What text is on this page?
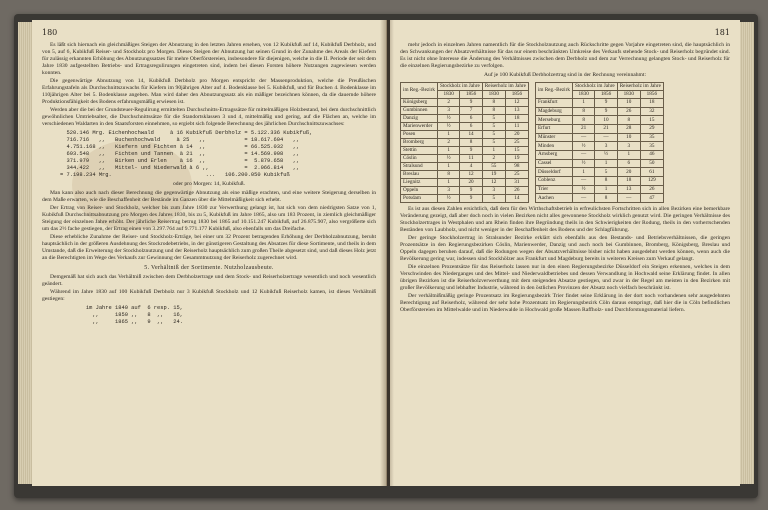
180

Es läßt sich hiernach ein gleichmäßiges Steigen der Abnutzung in den letzten Jahren ersehen, von 12 Kubikfuß auf 14, Kubikfuß Derbholz, und von 5, auf 6, Kubikfuß Reiser- und Stockholz pro Morgen. Dieses Steigen der Abnutzung hat seinen Grund in der Zunahme des Areals der Kiefern für zulässig erkannten Erhöhung des Abnutzungssatzes für mehre Oberförstereien, insbesondere für diejenigen, welche in die II. Periode der seit dem Jahre 1830 aufgestellten Betriebs- und Ertragsregulirungen eingetreten sind, indem bei diesen Forsten höhere Nutzungen zugewiesen werden konnten.

Die gegenwärtige Abnutzung von 14, Kubikfuß Derbholz pro Morgen entspricht der Massenproduktion, welche die Preußischen Erfahrungstafeln als Durchschnittszuwachs für Kiefern im 90jährigen Alter auf 4. Bodenklasse bei 5. Kubikfuß, und für Buchen 4. Bodenklasse im 110jährigen Alter bei 5. Bodenklasse angeben. Man wird daher den Abnutzungssatz als ein mäßiger bezeichnen können, da die dauernde höhere Produktionsfähigkeit des Bodens erfahrungsmäßig erwiesen ist.

Werden aber die bei der Grundsteuer-Regulirung ermittelten Durchschnitts-Ertragssätze für mittelmäßigen Holzbestand, bei dem durchschnittlich gewöhnlichen Umtriebsalter, die Durchschnittssätze für die Standortsklassen 3 und 4, mittelmäßig und gering, auf die Flächen an, welche im verschiedenen Waldarten in den Staatsforsten einnehmen, so ergiebt sich folgende Berechnung des jährlichen Durchschnittszuwachses:

520.146 Mrg. Eichenhochwald     à 16 Kubikfuß Derbholz = 5.122.336 Kubikfuß,
716.716   ,,   Buchenhochwald     à 25   ,,            = 18.617.604   ,,
4.751.168 ,,   Kiefern und Fichten à 14  ,,            = 66.525.032   ,,
693.548   ,,   Fichten und Tannen  à 21  ,,            = 14.569.908   ,,
371.979   ,,   Birken und Erlen    à 16  ,,            =  5.879.658   ,,
344.422   ,,   Mittel- und Niederwald à 6 ,,           =  2.066.814   ,,
= 7.198.234 Mrg.                             ...   106.200.050 Kubikfuß
oder pro Morgen: 14, Kubikfuß.

Man kann also auch nach dieser Berechnung die gegenwärtige Abnutzung als eine mäßige erachten, und eine weitere Steigerung derselben in dem Maße erwarten, wie die Beschaffenheit der Bestände im Ganzen über die Mittelmäßigkeit sich erhebt.

Der Ertrag von Reiser- und Stockholz, welcher bis zum Jahre 1830 zur Verwerthung gelangt ist, hat sich von dem niedrigsten Satze von 1, Kubikfuß Durchschnittsabnutzung pro Morgen des Jahres 1830, bis zu 5, Kubikfuß im Jahre 1865, also um 183 Prozent, in ziemlich gleichmäßiger Steigung der einzelnen Jahre erhöht. Der jährliche Reisertrag betrug 1830 bei 1865 auf 10.151.247 Kubikfuß, auf 26.875.907, also vergrößerte sich um das 2½ fache gestiegen, der Ertrag einen von 3.297.764 auf 9.771.177 Kubikfuß, also ebenfalls um das Dreifache.

Diese erhebliche Zunahme der Reiser- und Stockholz-Erträge, bei einer um 32 Prozent betragenden Erhöhung der Derbholzabnutzung, beruht hauptsächlich in der größeren Ausdehnung des Stockrodebetriebs, in der günstigeren Gestaltung des Absatzes für diese Sortimente, und theils in dem Umstande, daß die Erweiterung der Stockholznutzung und der Reiserholz hauptsächlich zum großen Theile abgesetzt sind, und daß dieses Holz jetzt an die Berechtigten im Wege des Verkaufs zur Gewinnung der Gesammtnutzung der Reiserholz zugerechnet wird.

5. Verhältniß der Sortimente. Nutzholzausbeute.

Demgemäß hat sich auch das Verhältniß zwischen dem Derbholzertrage und dem Stock- und Reiserholzertrage wesentlich und noch wesentlich geändert.

Während im Jahre 1830 auf 100 Kubikfuß Derbholz nur 3 Kubikfuß Stockholz und 12 Kubikfuß Reiserholz kamen, ist dieses Verhältniß gestiegen:

im Jahre 1840 auf  6 resp. 15,
,,     1850 ,,   8  ,,   16,
,,     1865 ,,   9  ,,   24.
181

mehr jedoch in einzelnen Jahren namentlich für die Stockholznutzung auch Rückschritte gegen Vorjahre eingetreten sind, die hauptsächlich in den Schwankungen der Absatzverhältnisse für das nur einem beschränkten Umkreise des Verkaufs stehende Stock- und Reiserholz begründet sind. Es ist nicht ohne Interesse die Änderung des Verhältnisses zwischen dem Derbholz und dem zur Verrechnung gelangten Stock- und Reiserholz für die einzelnen Regierungsbezirke zu verfolgen.

Auf je 100 Kubikfuß Derbholzertrag sind in der Rechnung vereinnahmt:
im Reg.-Bezirk	Stockholz im Jahre		Reiserholz im Jahre	
	1830	1856	1830	1856
Königsberg	2	9	8	12
Gumbinnen	3	7	8	13
Danzig	½	6	5	18
Marienwerder	½	6	5	11
Posen	1	14	5	20
Bromberg	2	8	5	25
Stettin	1	9	1	15
Cöslin	½	11	2	19
Stralsund	1	4	55	98
Breslau	8	12	19	25
Liegnitz	1	20	12	31
Oppeln	3	9	3	26
Potsdam	½	9	5	14
im Reg.-Bezirk	Stockholz im Jahre		Reiserholz im Jahre	
	1830	1856	1830	1856
Frankfurt	1	9	10	18
Magdeburg	8	9	26	32
Merseburg	8	10	8	15
Erfurt	21	21	28	29
Münster	—	—	10	35
Minden	½	3	3	35
Arnsberg	—	½	1	46
Cassel	½	1	6	50
Düsseldorf	1	5	20	61
Coblenz	—	8	18	129
Trier	½	1	13	26
Aachen	—	8	—	47

Es ist aus diesen Zahlen ersichtlich, daß dem für den Wirthschaftsbetrieb in erfreulichsten Fortschritten sich in allen Bezirken eine bemerkbare Veränderung gezeigt, daß aber doch noch in vielen Bezirken nicht alles gewonnene Stockholz wirklich genutzt wird. Die geringen Verhältnisse des Stockholzertrages in Westphalen und am Rhein finden ihre Begründung theils in den Schwierigkeiten der Rodung, theils in den vorherrschenden Beständen von Laubholz, und nicht weniger in der Beschaffenheit des Bodens und der Schlagführung.

Der geringe Stockholzertrag in Stralsunder Bezirke erklärt sich ebenfalls aus den Bestands- und Betriebsverhältnissen, die geringen Prozentsätze in den Regierungsbezirken Cöslin, Marienwerder, Danzig und auch noch bei Gumbinnen, Bromberg, Königsberg, Breslau und Oppeln dagegen beruhen darauf, daß die Rodungen wegen der Absatzverhältnisse bisher nicht haben ausgedehnt werden können, wenn auch die Bevölkerung gering war, indessen sind Stockhölzer aus Frankfurt und Magdeburg bereits in weiteren Kreisen zum Verkauf gelangt.

Die einzelnen Prozentsätze für das Reiserholz lassen nur in den einen Regierungsbezirke Düsseldorf ein Steigen erkennen, welches in dem Verschwinden des Niederganges und des Mittel- und Niederwaldbetriebes und dessen Verwandlung in Hochwald seine Erklärung findet. In allen übrigen Bezirken ist die Reiserholzverwerthung mit dem steigenden Absatze gestiegen, und zwar in der Regel am meisten in den Bezirken mit großer Bevölkerung und lebhafter Industrie, während in den östlichen Provinzen der Absatz noch vielfach beschränkt ist.

Der verhältnißmäßig geringe Prozentsatz im Regierungsbezirk Trier findet seine Erklärung in der dort noch vorhandenen sehr ausgedehnten Berechtigung auf Reiserholz, während der sehr hohe Prozentsatz im Regierungsbezirk Cöln daraus entspringt, daß hier die in Cöln befindlichen Oberförstereien im Mittelwalde und im Niederwalde in Hochwald große Massen Raffholz- und Durchforstungsmaterial liefern.
